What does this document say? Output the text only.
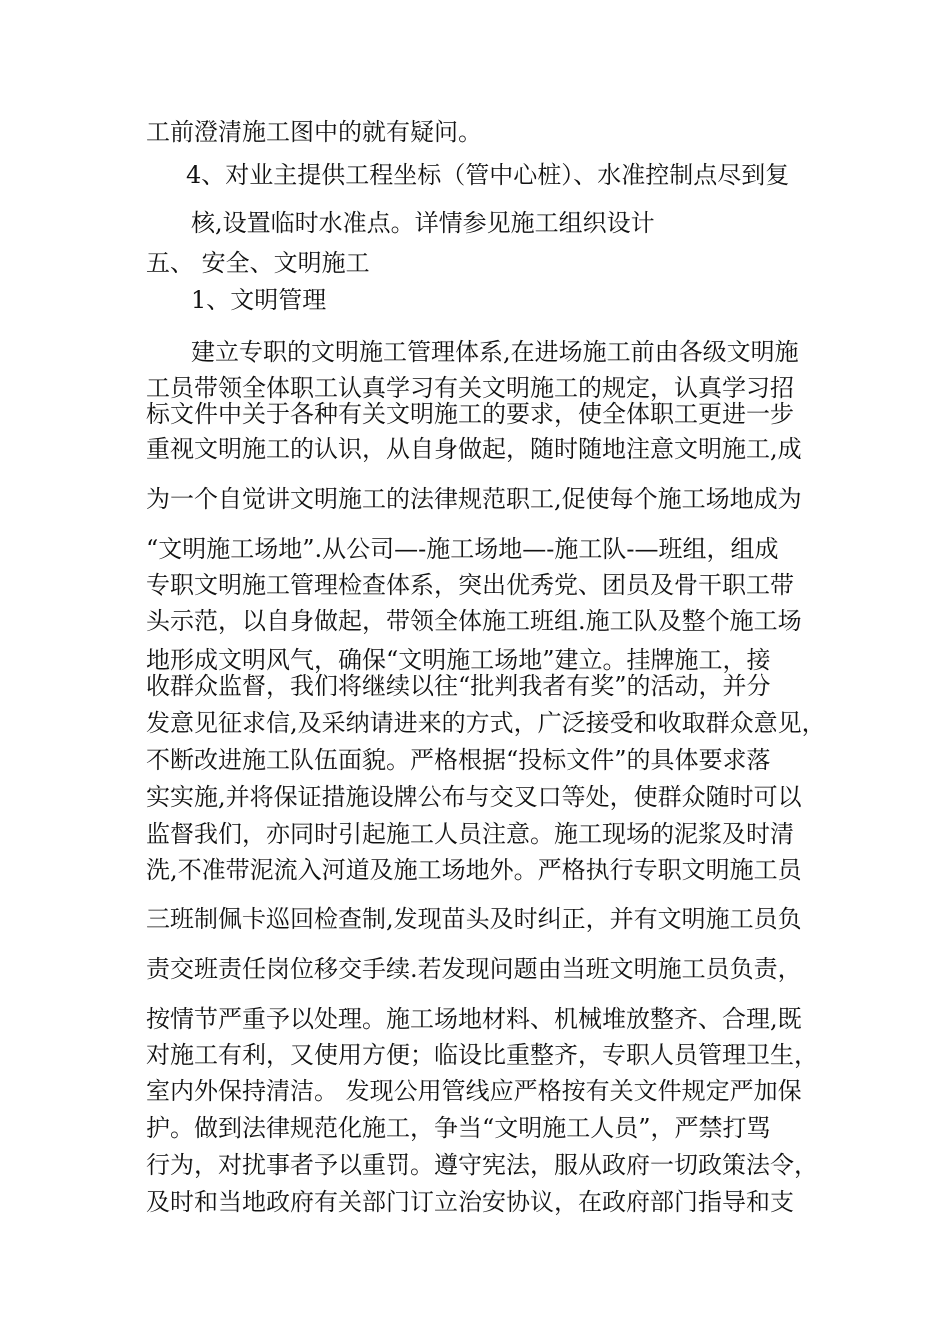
工前澄清施工图中的就有疑问。
4、对业主提供工程坐标（管中心桩）、水准控制点尽到复
核,设置临时水准点。详情参见施工组织设计
五、 安全、文明施工
1、文明管理
建立专职的文明施工管理体系,在进场施工前由各级文明施
工员带领全体职工认真学习有关文明施工的规定，认真学习招
标文件中关于各种有关文明施工的要求，使全体职工更进一步
重视文明施工的认识，从自身做起，随时随地注意文明施工,成
为一个自觉讲文明施工的法律规范职工,促使每个施工场地成为
“文明施工场地”.从公司—-施工场地—-施工队-—班组，组成
专职文明施工管理检查体系，突出优秀党、团员及骨干职工带
头示范，以自身做起，带领全体施工班组.施工队及整个施工场
地形成文明风气，确保“文明施工场地”建立。挂牌施工，接
收群众监督，我们将继续以往“批判我者有奖”的活动，并分
发意见征求信,及采纳请进来的方式，广泛接受和收取群众意见，
不断改进施工队伍面貌。严格根据“投标文件”的具体要求落
实实施,并将保证措施设牌公布与交叉口等处，使群众随时可以
监督我们，亦同时引起施工人员注意。施工现场的泥浆及时清
洗,不准带泥流入河道及施工场地外。严格执行专职文明施工员
三班制佩卡巡回检查制,发现苗头及时纠正，并有文明施工员负
责交班责任岗位移交手续.若发现问题由当班文明施工员负责，
按情节严重予以处理。施工场地材料、机械堆放整齐、合理,既
对施工有利，又使用方便；临设比重整齐，专职人员管理卫生，
室内外保持清洁。 发现公用管线应严格按有关文件规定严加保
护。做到法律规范化施工，争当“文明施工人员”，严禁打骂
行为，对扰事者予以重罚。遵守宪法，服从政府一切政策法令，
及时和当地政府有关部门订立治安协议，在政府部门指导和支
